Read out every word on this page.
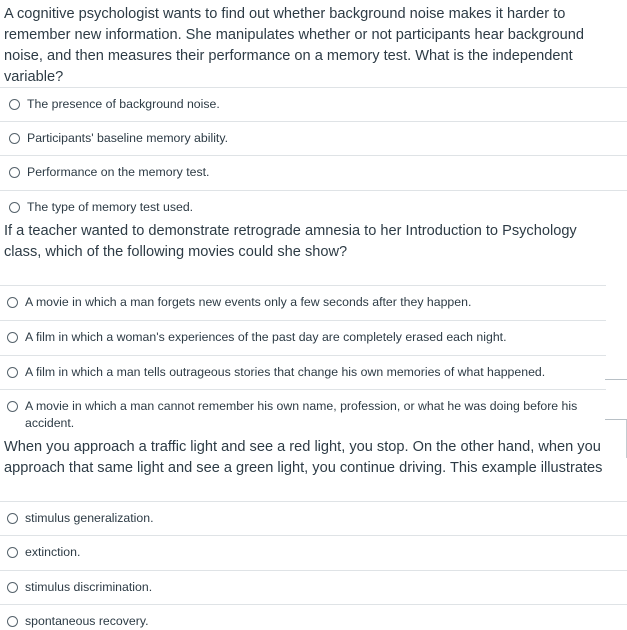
A cognitive psychologist wants to find out whether background noise makes it harder to remember new information. She manipulates whether or not participants hear background noise, and then measures their performance on a memory test. What is the independent variable?

The presence of background noise.
Participants' baseline memory ability.
Performance on the memory test.
The type of memory test used.

If a teacher wanted to demonstrate retrograde amnesia to her Introduction to Psychology class, which of the following movies could she show?

A movie in which a man forgets new events only a few seconds after they happen.
A film in which a woman's experiences of the past day are completely erased each night.
A film in which a man tells outrageous stories that change his own memories of what happened.
A movie in which a man cannot remember his own name, profession, or what he was doing before his accident.

When you approach a traffic light and see a red light, you stop. On the other hand, when you approach that same light and see a green light, you continue driving. This example illustrates

stimulus generalization.
extinction.
stimulus discrimination.
spontaneous recovery.
